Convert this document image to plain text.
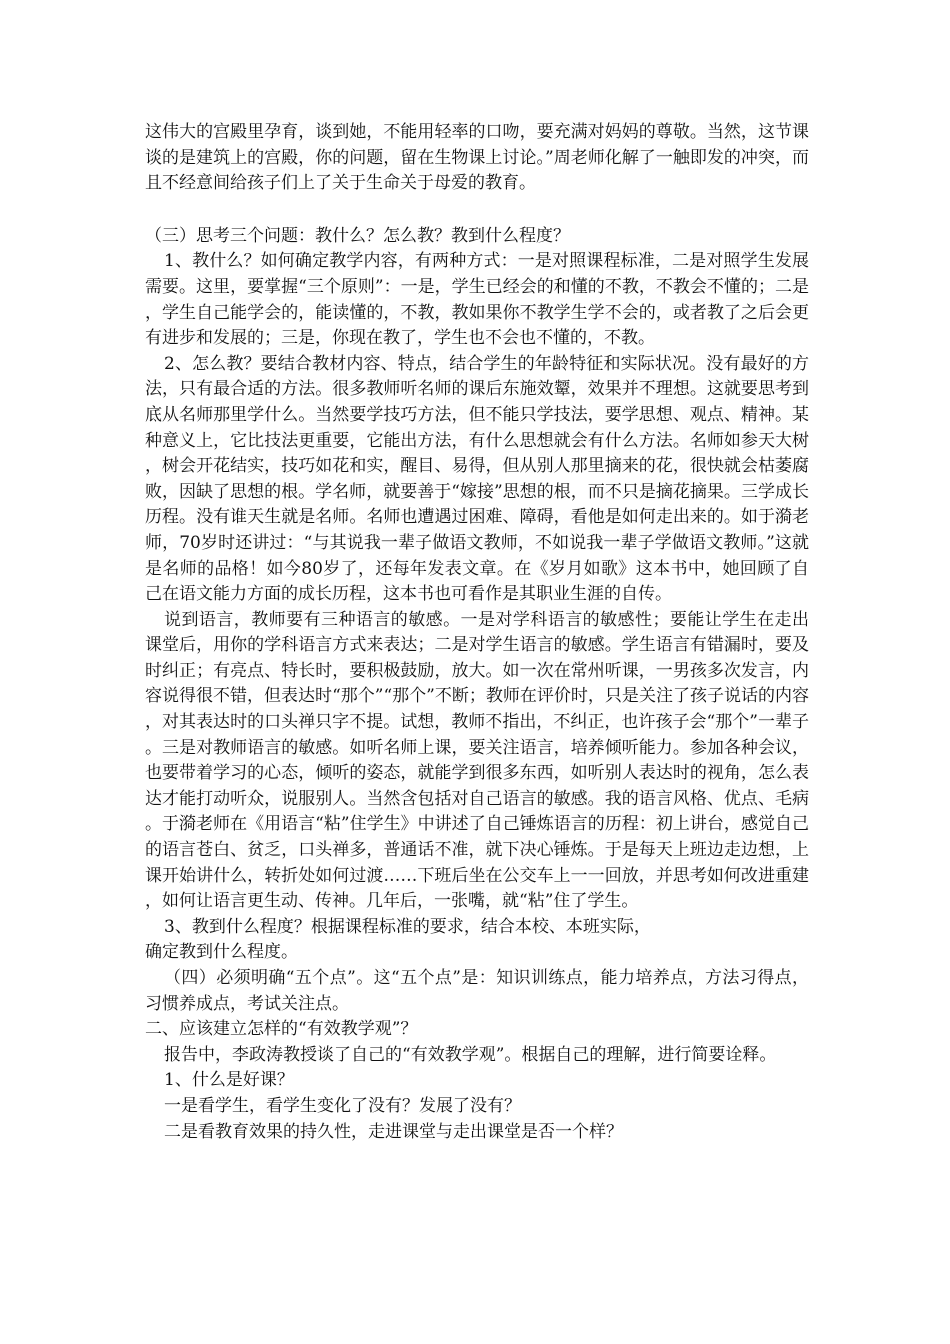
这伟大的宫殿里孕育，谈到她，不能用轻率的口吻，要充满对妈妈的尊敬。当然，这节课谈的是建筑上的宫殿，你的问题，留在生物课上讨论。”周老师化解了一触即发的冲突，而且不经意间给孩子们上了关于生命关于母爱的教育。

（三）思考三个问题：教什么？怎么教？教到什么程度？

1、教什么？如何确定教学内容，有两种方式：一是对照课程标准，二是对照学生发展需要。这里，要掌握“三个原则”：一是，学生已经会的和懂的不教，不教会不懂的；二是，学生自己能学会的，能读懂的，不教，教如果你不教学生学不会的，或者教了之后会更有进步和发展的；三是，你现在教了，学生也不会也不懂的，不教。

2、怎么教？要结合教材内容、特点，结合学生的年龄特征和实际状况。没有最好的方法，只有最合适的方法。很多教师听名师的课后东施效颦，效果并不理想。这就要思考到底从名师那里学什么。当然要学技巧方法，但不能只学技法，要学思想、观点、精神。某种意义上，它比技法更重要，它能出方法，有什么思想就会有什么方法。名师如参天大树，树会开花结实，技巧如花和实，醒目、易得，但从别人那里摘来的花，很快就会枯萎腐败，因缺了思想的根。学名师，就要善于“嫁接”思想的根，而不只是摘花摘果。三学成长历程。没有谁天生就是名师。名师也遭遇过困难、障碍，看他是如何走出来的。如于漪老师，70岁时还讲过：“与其说我一辈子做语文教师，不如说我一辈子学做语文教师。”这就是名师的品格！如今80岁了，还每年发表文章。在《岁月如歌》这本书中，她回顾了自己在语文能力方面的成长历程，这本书也可看作是其职业生涯的自传。

说到语言，教师要有三种语言的敏感。一是对学科语言的敏感性；要能让学生在走出课堂后，用你的学科语言方式来表达；二是对学生语言的敏感。学生语言有错漏时，要及时纠正；有亮点、特长时，要积极鼓励，放大。如一次在常州听课，一男孩多次发言，内容说得很不错，但表达时“那个”“那个”不断；教师在评价时，只是关注了孩子说话的内容，对其表达时的口头禅只字不提。试想，教师不指出，不纠正，也许孩子会“那个”一辈子。三是对教师语言的敏感。如听名师上课，要关注语言，培养倾听能力。参加各种会议，也要带着学习的心态，倾听的姿态，就能学到很多东西，如听别人表达时的视角，怎么表达才能打动听众，说服别人。当然含包括对自己语言的敏感。我的语言风格、优点、毛病。于漪老师在《用语言“粘”住学生》中讲述了自己锤炼语言的历程：初上讲台，感觉自己的语言苍白、贫乏，口头禅多，普通话不准，就下决心锤炼。于是每天上班边走边想，上课开始讲什么，转折处如何过渡……下班后坐在公交车上一一回放，并思考如何改进重建，如何让语言更生动、传神。几年后，一张嘴，就“粘”住了学生。

3、教到什么程度？根据课程标准的要求，结合本校、本班实际，

确定教到什么程度。

（四）必须明确“五个点”。这“五个点”是：知识训练点，能力培养点，方法习得点，习惯养成点，考试关注点。

二、应该建立怎样的“有效教学观”？

报告中，李政涛教授谈了自己的“有效教学观”。根据自己的理解，进行简要诠释。

1、什么是好课？

一是看学生，看学生变化了没有？发展了没有？

二是看教育效果的持久性，走进课堂与走出课堂是否一个样？
